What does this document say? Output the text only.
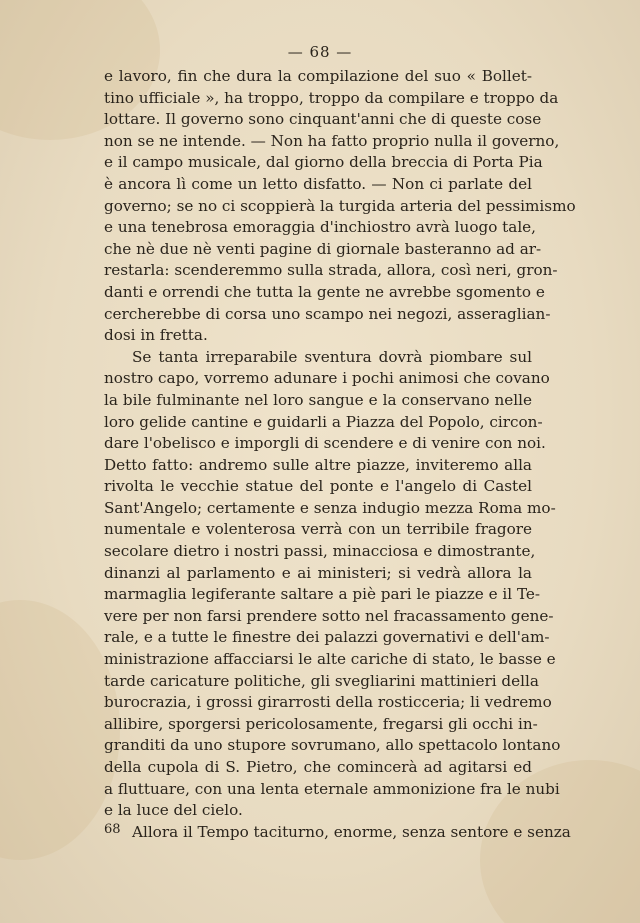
— 68 —
e lavoro, fin che dura la compilazione del suo « Bollet-
tino ufficiale », ha troppo, troppo da compilare e troppo da
lottare. Il governo sono cinquant'anni che di queste cose
non se ne intende. — Non ha fatto proprio nulla il governo,
e il campo musicale, dal giorno della breccia di Porta Pia
è ancora lì come un letto disfatto. — Non ci parlate del
governo; se no ci scoppierà la turgida arteria del pessimismo
e una tenebrosa emoraggia d'inchiostro avrà luogo tale,
che nè due nè venti pagine di giornale basteranno ad ar-
restarla: scenderemmo sulla strada, allora, così neri, gron-
danti e orrendi che tutta la gente ne avrebbe sgomento e
cercherebbe di corsa uno scampo nei negozi, asseraglian-
dosi in fretta.
Se tanta irreparabile sventura dovrà piombare sul
nostro capo, vorremo adunare i pochi animosi che covano
la bile fulminante nel loro sangue e la conservano nelle
loro gelide cantine e guidarli a Piazza del Popolo, circon-
dare l'obelisco e imporgli di scendere e di venire con noi.
Detto fatto: andremo sulle altre piazze, inviteremo alla
rivolta le vecchie statue del ponte e l'angelo di Castel
Sant'Angelo; certamente e senza indugio mezza Roma mo-
numentale e volenterosa verrà con un terribile fragore
secolare dietro i nostri passi, minacciosa e dimostrante,
dinanzi al parlamento e ai ministeri; si vedrà allora la
marmaglia legiferante saltare a piè pari le piazze e il Te-
vere per non farsi prendere sotto nel fracassamento gene-
rale, e a tutte le finestre dei palazzi governativi e dell'am-
ministrazione affacciarsi le alte cariche di stato, le basse e
tarde caricature politiche, gli svegliarini mattinieri della
burocrazia, i grossi girarrosti della rosticceria; li vedremo
allibire, sporgersi pericolosamente, fregarsi gli occhi in-
granditi da uno stupore sovrumano, allo spettacolo lontano
della cupola di S. Pietro, che comincerà ad agitarsi ed
a fluttuare, con una lenta eternale ammonizione fra le nubi
e la luce del cielo.
Allora il Tempo taciturno, enorme, senza sentore e senza
68
